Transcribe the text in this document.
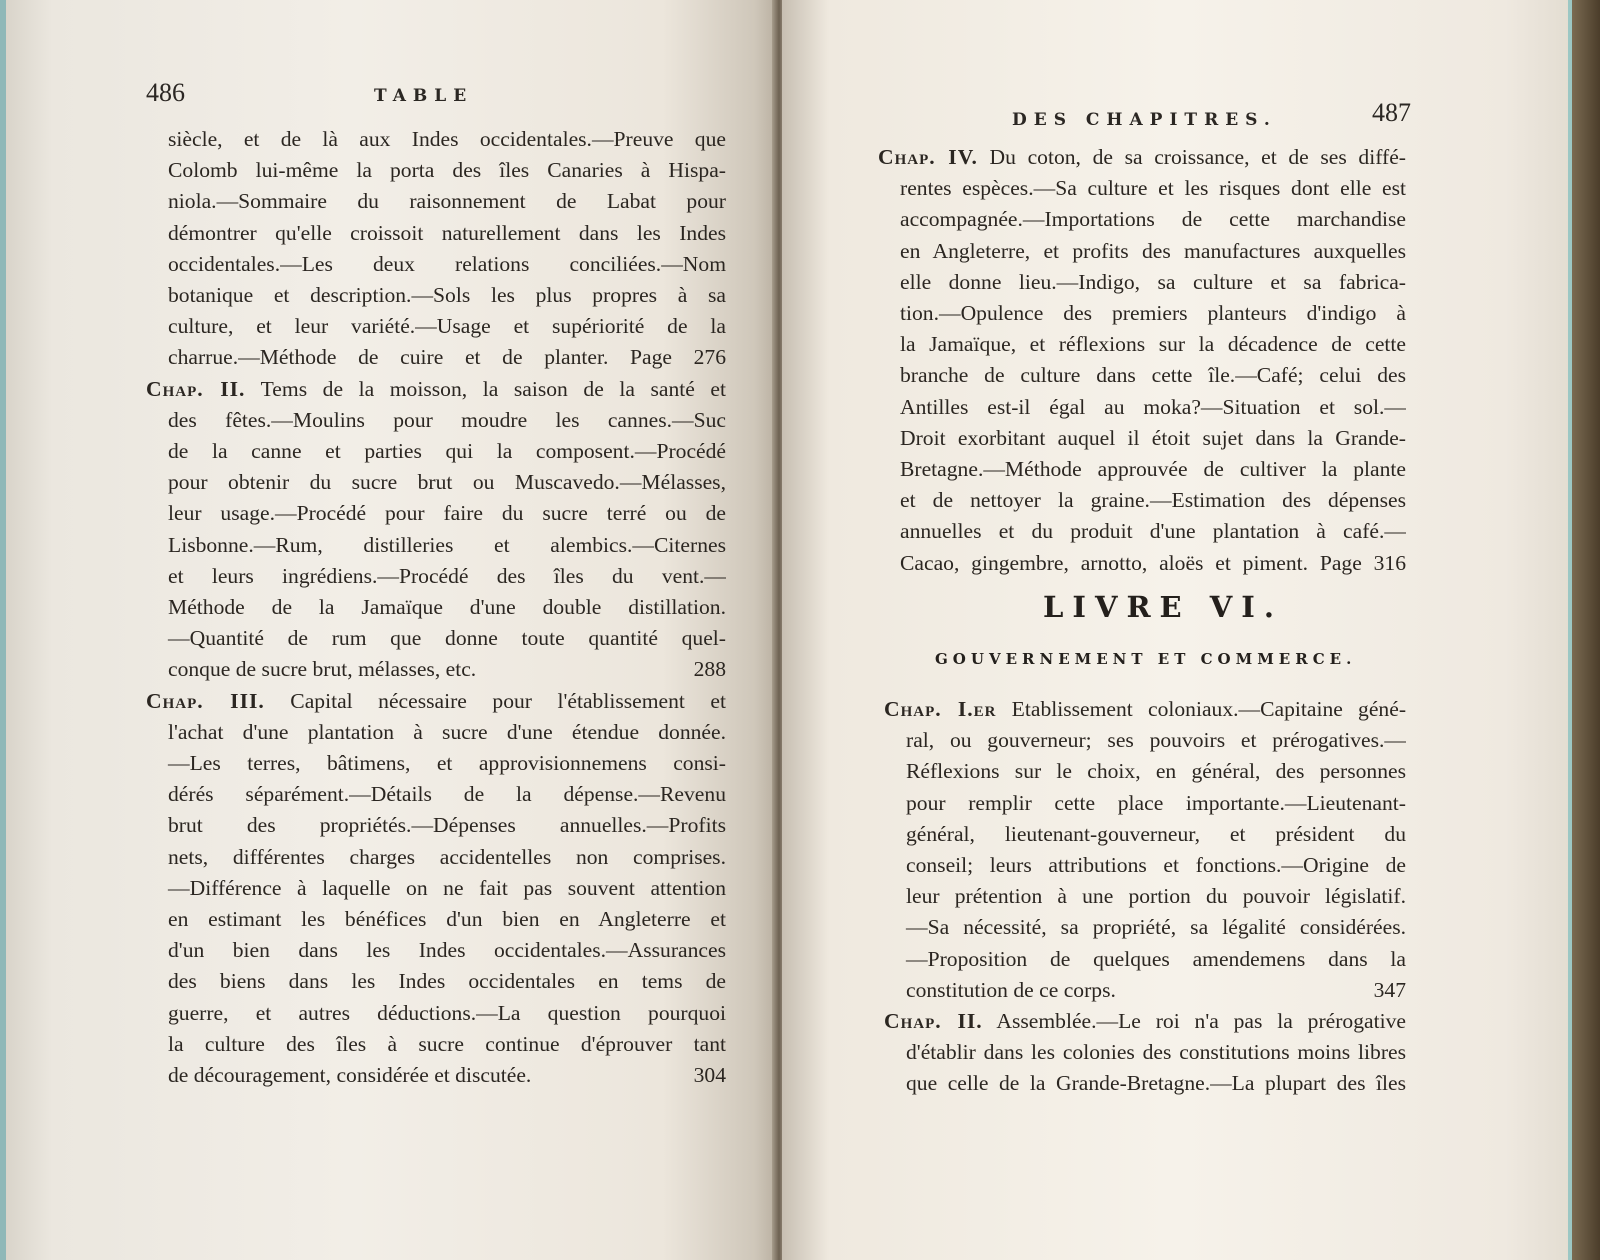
486	TABLE
siècle, et de là aux Indes occidentales.—Preuve que
Colomb lui-même la porta des îles Canaries à Hispa-
niola.—Sommaire du raisonnement de Labat pour
démontrer qu'elle croissoit naturellement dans les Indes
occidentales.—Les deux relations conciliées.—Nom
botanique et description.—Sols les plus propres à sa
culture, et leur variété.—Usage et supériorité de la
charrue.—Méthode de cuire et de planter. Page 276
Chap. II. Tems de la moisson, la saison de la santé et
des fêtes.—Moulins pour moudre les cannes.—Suc
de la canne et parties qui la composent.—Procédé
pour obtenir du sucre brut ou Muscavedo.—Mélasses,
leur usage.—Procédé pour faire du sucre terré ou de
Lisbonne.—Rum, distilleries et alembics.—Citernes
et leurs ingrédiens.—Procédé des îles du vent.—
Méthode de la Jamaïque d'une double distillation.
—Quantité de rum que donne toute quantité quel-
conque de sucre brut, mélasses, etc.	288
Chap. III. Capital nécessaire pour l'établissement et
l'achat d'une plantation à sucre d'une étendue donnée.
—Les terres, bâtimens, et approvisionnemens consi-
dérés séparément.—Détails de la dépense.—Revenu
brut des propriétés.—Dépenses annuelles.—Profits
nets, différentes charges accidentelles non comprises.
—Différence à laquelle on ne fait pas souvent attention
en estimant les bénéfices d'un bien en Angleterre et
d'un bien dans les Indes occidentales.—Assurances
des biens dans les Indes occidentales en tems de
guerre, et autres déductions.—La question pourquoi
la culture des îles à sucre continue d'éprouver tant
de découragement, considérée et discutée.	304
DES CHAPITRES.	487
Chap. IV. Du coton, de sa croissance, et de ses diffé-
rentes espèces.—Sa culture et les risques dont elle est
accompagnée.—Importations de cette marchandise
en Angleterre, et profits des manufactures auxquelles
elle donne lieu.—Indigo, sa culture et sa fabrica-
tion.—Opulence des premiers planteurs d'indigo à
la Jamaïque, et réflexions sur la décadence de cette
branche de culture dans cette île.—Café; celui des
Antilles est-il égal au moka?—Situation et sol.—
Droit exorbitant auquel il étoit sujet dans la Grande-
Bretagne.—Méthode approuvée de cultiver la plante
et de nettoyer la graine.—Estimation des dépenses
annuelles et du produit d'une plantation à café.—
Cacao, gingembre, arnotto, aloës et piment. Page 316
LIVRE VI.
GOUVERNEMENT ET COMMERCE.
Chap. I.er Etablissement coloniaux.—Capitaine géné-
ral, ou gouverneur; ses pouvoirs et prérogatives.—
Réflexions sur le choix, en général, des personnes
pour remplir cette place importante.—Lieutenant-
général, lieutenant-gouverneur, et président du
conseil; leurs attributions et fonctions.—Origine de
leur prétention à une portion du pouvoir législatif.
—Sa nécessité, sa propriété, sa légalité considérées.
—Proposition de quelques amendemens dans la
constitution de ce corps.	347
Chap. II. Assemblée.—Le roi n'a pas la prérogative
d'établir dans les colonies des constitutions moins libres
que celle de la Grande-Bretagne.—La plupart des îles
